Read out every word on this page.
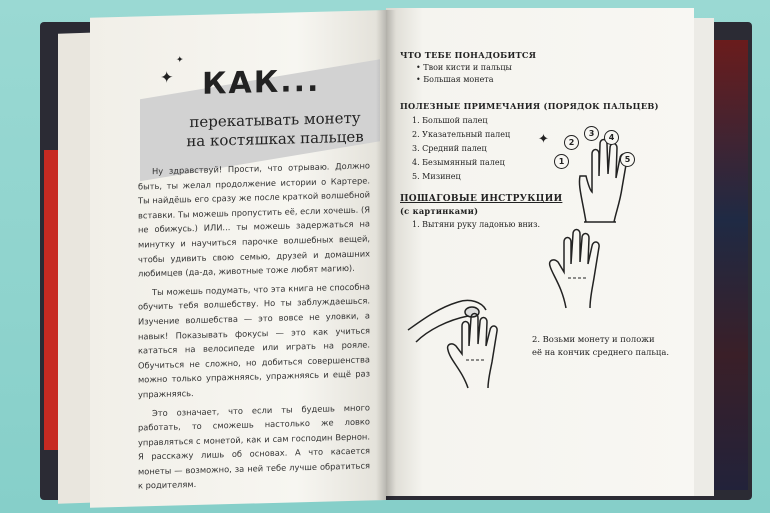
✦
✦
КАК...
перекатывать монету
на костяшках пальцев

Ну здравствуй! Прости, что отрываю. Должно быть, ты желал продолжение истории о Картере. Ты найдёшь его сразу же после краткой волшебной вставки. Ты можешь пропустить её, если хочешь. (Я не обижусь.) ИЛИ... ты можешь задержаться на минутку и научиться парочке волшебных вещей, чтобы удивить свою семью, друзей и домашних любимцев (да-да, животные тоже любят магию).

Ты можешь подумать, что эта книга не способна обучить тебя волшебству. Но ты заблуждаешься. Изучение волшебства — это вовсе не уловки, а навык! Показывать фокусы — это как учиться кататься на велосипеде или играть на рояле. Обучиться не сложно, но добиться совершенства можно только упражняясь, упражняясь и ещё раз упражняясь.

Это означает, что если ты будешь много работать, то сможешь настолько же ловко управляться с монетой, как и сам господин Вернон. Я расскажу лишь об основах. А что касается монеты — возможно, за ней тебе лучше обратиться к родителям.

ЧТО ТЕБЕ ПОНАДОБИТСЯ
• Твои кисти и пальцы
• Большая монета
ПОЛЕЗНЫЕ ПРИМЕЧАНИЯ (ПОРЯДОК ПАЛЬЦЕВ)
1. Большой палец
2. Указательный палец
3. Средний палец
4. Безымянный палец
5. Мизинец
ПОШАГОВЫЕ ИНСТРУКЦИИ
(с картинками)
1. Вытяни руку ладонью вниз.
2. Возьми монету и положи
её на кончик среднего пальца.
✦
1
2
3	4
5
